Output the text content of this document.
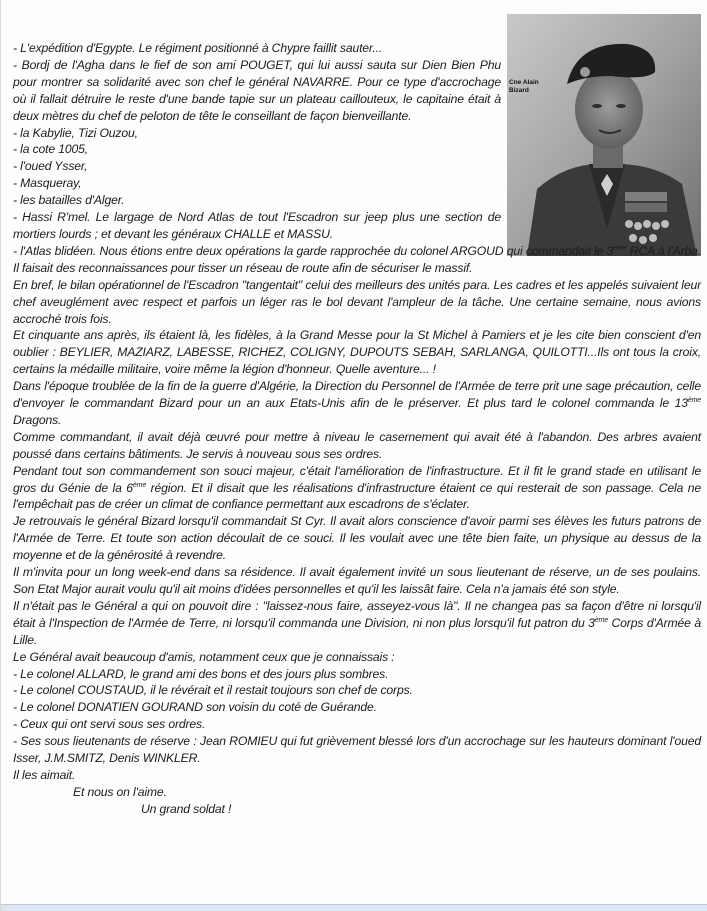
Cne Alain
Bizard

- L'expédition d'Egypte. Le régiment positionné à Chypre faillit sauter...

- Bordj de l'Agha dans le fief de son ami POUGET, qui lui aussi sauta sur Dien Bien Phu pour montrer sa solidarité avec son chef le général NAVARRE. Pour ce type d'accrochage où il fallait détruire le reste d'une bande tapie sur un plateau caillouteux, le capitaine était à deux mètres du chef de peloton de tête le conseillant de façon bienveillante.

- la Kabylie, Tizi Ouzou,

- la cote 1005,

- l'oued Ysser,

- Masqueray,

- les batailles d'Alger.

- Hassi R'mel. Le largage de Nord Atlas de tout l'Escadron sur jeep plus une section de mortiers lourds ; et devant les généraux CHALLE et MASSU.

- l'Atlas blidéen. Nous étions entre deux opérations la garde rapprochée du colonel ARGOUD qui commandait le 3ème RCA à l'Arba. Il faisait des reconnaissances pour tisser un réseau de route afin de sécuriser le massif.

En bref, le bilan opérationnel de l'Escadron "tangentait" celui des meilleurs des unités para. Les cadres et les appelés suivaient leur chef aveuglément avec respect et parfois un léger ras le bol devant l'ampleur de la tâche. Une certaine semaine, nous avions accroché trois fois.

Et cinquante ans après, ils étaient là, les fidèles, à la Grand Messe pour la St Michel à Pamiers et je les cite bien conscient d'en oublier : BEYLIER, MAZIARZ, LABESSE, RICHEZ, COLIGNY, DUPOUTS SEBAH, SARLANGA, QUILOTTI...Ils ont tous la croix, certains la médaille militaire, voire même la légion d'honneur. Quelle aventure... !

Dans l'époque troublée de la fin de la guerre d'Algérie, la Direction du Personnel de l'Armée de terre prit une sage précaution, celle d'envoyer le commandant Bizard pour un an aux Etats-Unis afin de le préserver. Et plus tard le colonel commanda le 13ème Dragons.

Comme commandant, il avait déjà œuvré pour mettre à niveau le casernement qui avait été à l'abandon. Des arbres avaient poussé dans certains bâtiments. Je servis à nouveau sous ses ordres.

Pendant tout son commandement son souci majeur, c'était l'amélioration de l'infrastructure. Et il fit le grand stade en utilisant le gros du Génie de la 6ème région. Et il disait que les réalisations d'infrastructure étaient ce qui resterait de son passage. Cela ne l'empêchait pas de créer un climat de confiance permettant aux escadrons de s'éclater.

Je retrouvais le général Bizard lorsqu'il commandait St Cyr. Il avait alors conscience d'avoir parmi ses élèves les futurs patrons de l'Armée de Terre. Et toute son action découlait de ce souci. Il les voulait avec une tête bien faite, un physique au dessus de la moyenne et de la générosité à revendre.

Il m'invita pour un long week-end dans sa résidence. Il avait également invité un sous lieutenant de réserve, un de ses poulains. Son Etat Major aurait voulu qu'il ait moins d'idées personnelles et qu'il les laissât faire. Cela n'a jamais été son style.

Il n'était pas le Général a qui on pouvoit dire : "laissez-nous faire, asseyez-vous là". Il ne changea pas sa façon d'être ni lorsqu'il était à l'Inspection de l'Armée de Terre, ni lorsqu'il commanda une Division, ni non plus lorsqu'il fut patron du 3ème Corps d'Armée à Lille.

Le Général avait beaucoup d'amis, notamment ceux que je connaissais :

- Le colonel ALLARD, le grand ami des bons et des jours plus sombres.

- Le colonel COUSTAUD, il le révérait et il restait toujours son chef de corps.

- Le colonel DONATIEN GOURAND son voisin du coté de Guérande.

- Ceux qui ont servi sous ses ordres.

- Ses sous lieutenants de réserve : Jean ROMIEU qui fut grièvement blessé lors d'un accrochage sur les hauteurs dominant l'oued Isser, J.M.SMITZ, Denis WINKLER.

Il les aimait.

Et nous on l'aime.

Un grand soldat !
